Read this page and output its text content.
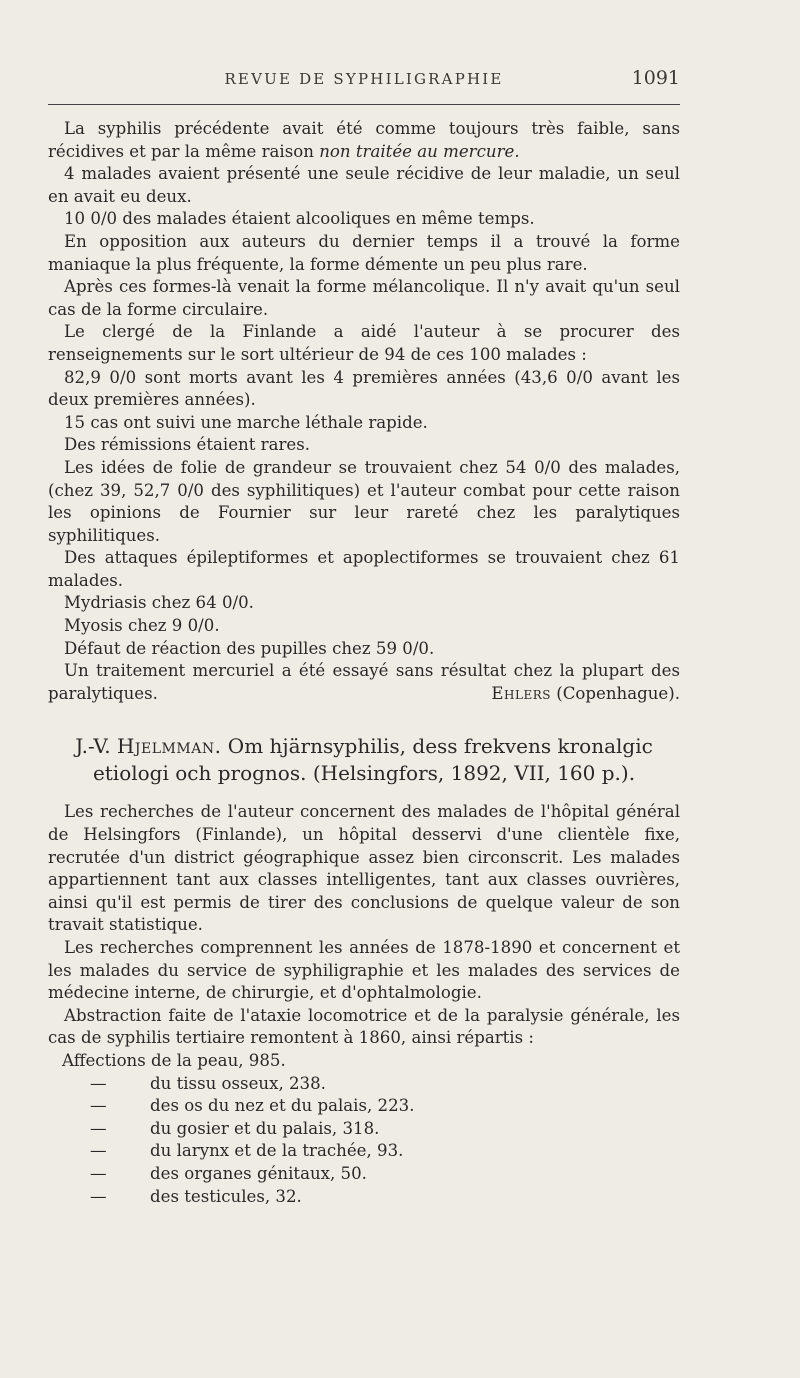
REVUE DE SYPHILIGRAPHIE	1091

La syphilis précédente avait été comme toujours très faible, sans récidives et par la même raison non traitée au mercure.

4 malades avaient présenté une seule récidive de leur maladie, un seul en avait eu deux.

10 0/0 des malades étaient alcooliques en même temps.

En opposition aux auteurs du dernier temps il a trouvé la forme maniaque la plus fréquente, la forme démente un peu plus rare.

Après ces formes-là venait la forme mélancolique. Il n'y avait qu'un seul cas de la forme circulaire.

Le clergé de la Finlande a aidé l'auteur à se procurer des renseignements sur le sort ultérieur de 94 de ces 100 malades :

82,9 0/0 sont morts avant les 4 premières années (43,6 0/0 avant les deux premières années).

15 cas ont suivi une marche léthale rapide.

Des rémissions étaient rares.

Les idées de folie de grandeur se trouvaient chez 54 0/0 des malades, (chez 39, 52,7 0/0 des syphilitiques) et l'auteur combat pour cette raison les opinions de Fournier sur leur rareté chez les paralytiques syphilitiques.

Des attaques épileptiformes et apoplectiformes se trouvaient chez 61 malades.

Mydriasis chez 64 0/0.

Myosis chez 9 0/0.

Défaut de réaction des pupilles chez 59 0/0.

Un traitement mercuriel a été essayé sans résultat chez la plupart des paralytiques.	Ehlers (Copenhague).

J.-V. Hjelmman. Om hjärnsyphilis, dess frekvens kronalgic etiologi och prognos. (Helsingfors, 1892, VII, 160 p.).

Les recherches de l'auteur concernent des malades de l'hôpital général de Helsingfors (Finlande), un hôpital desservi d'une clientèle fixe, recrutée d'un district géographique assez bien circonscrit. Les malades appartiennent tant aux classes intelligentes, tant aux classes ouvrières, ainsi qu'il est permis de tirer des conclusions de quelque valeur de son travait statistique.

Les recherches comprennent les années de 1878-1890 et concernent et les malades du service de syphiligraphie et les malades des services de médecine interne, de chirurgie, et d'ophtalmologie.

Abstraction faite de l'ataxie locomotrice et de la paralysie générale, les cas de syphilis tertiaire remontent à 1860, ainsi répartis :

Affections de la peau, 985.
—	du tissu osseux, 238.
—	des os du nez et du palais, 223.
—	du gosier et du palais, 318.
—	du larynx et de la trachée, 93.
—	des organes génitaux, 50.
—	des testicules, 32.
